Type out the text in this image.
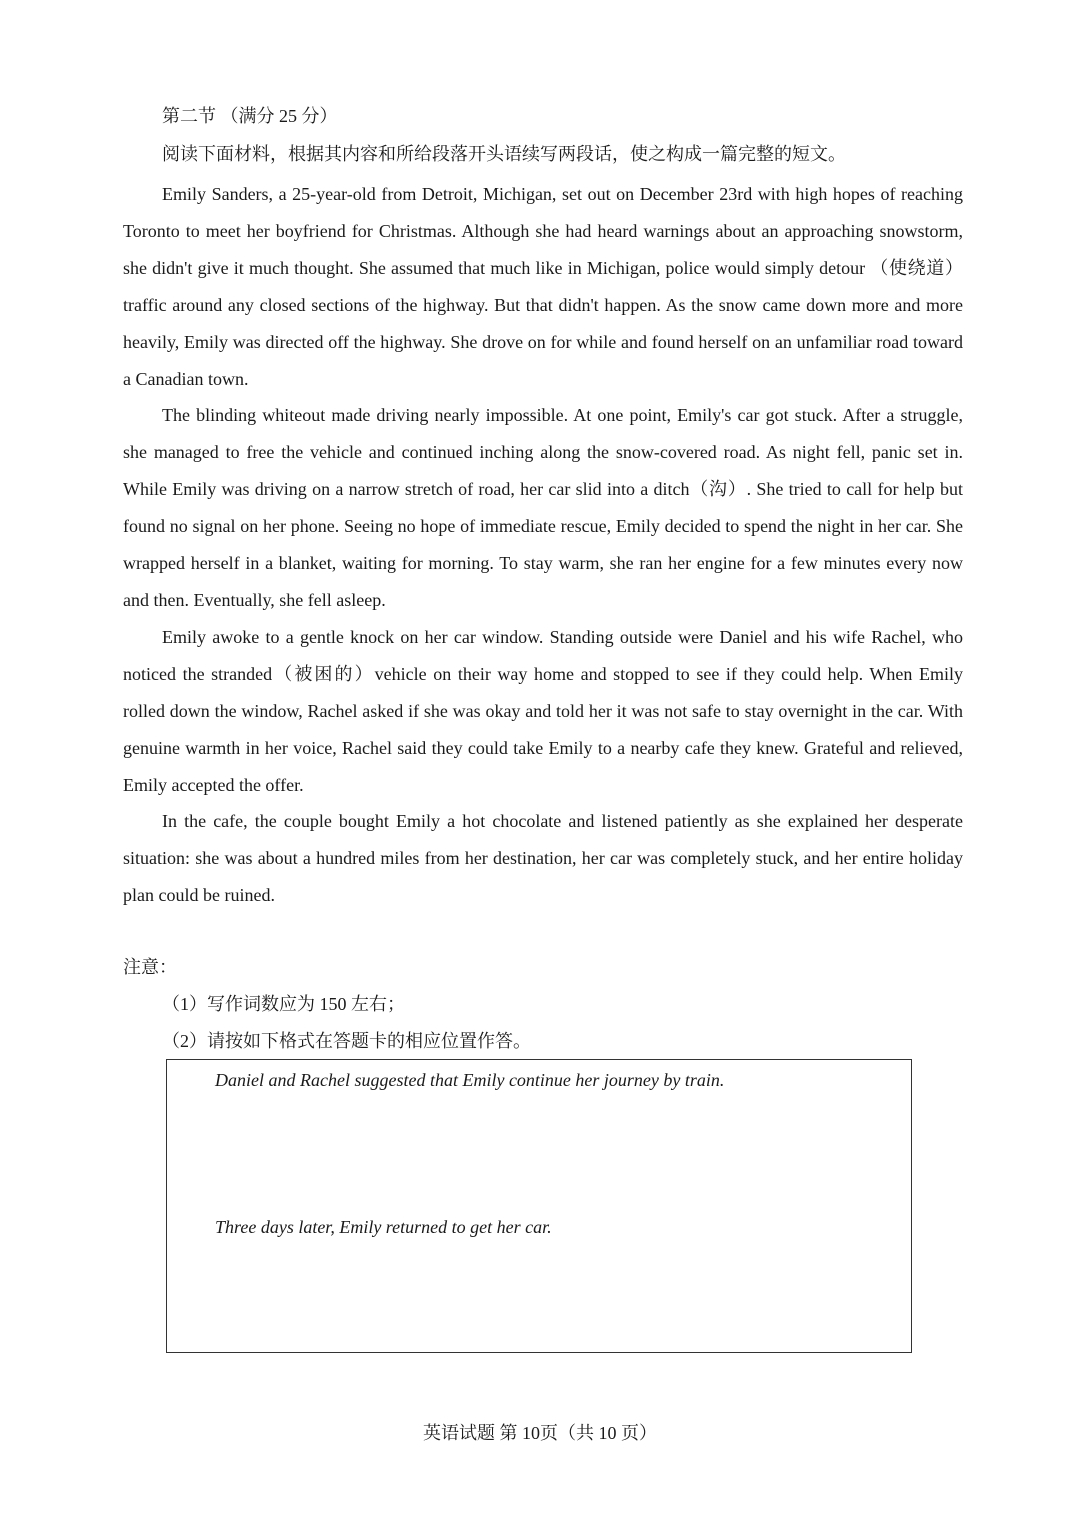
第二节 （满分 25 分）
阅读下面材料，根据其内容和所给段落开头语续写两段话，使之构成一篇完整的短文。

Emily Sanders, a 25-year-old from Detroit, Michigan, set out on December 23rd with high hopes of reaching Toronto to meet her boyfriend for Christmas. Although she had heard warnings about an approaching snowstorm, she didn't give it much thought. She assumed that much like in Michigan, police would simply detour （使绕道） traffic around any closed sections of the highway. But that didn't happen. As the snow came down more and more heavily, Emily was directed off the highway. She drove on for while and found herself on an unfamiliar road toward a Canadian town.

The blinding whiteout made driving nearly impossible. At one point, Emily's car got stuck. After a struggle, she managed to free the vehicle and continued inching along the snow-covered road. As night fell, panic set in. While Emily was driving on a narrow stretch of road, her car slid into a ditch（沟）. She tried to call for help but found no signal on her phone. Seeing no hope of immediate rescue, Emily decided to spend the night in her car. She wrapped herself in a blanket, waiting for morning. To stay warm, she ran her engine for a few minutes every now and then. Eventually, she fell asleep.

Emily awoke to a gentle knock on her car window. Standing outside were Daniel and his wife Rachel, who noticed the stranded（被困的）vehicle on their way home and stopped to see if they could help. When Emily rolled down the window, Rachel asked if she was okay and told her it was not safe to stay overnight in the car. With genuine warmth in her voice, Rachel said they could take Emily to a nearby cafe they knew. Grateful and relieved, Emily accepted the offer.

In the cafe, the couple bought Emily a hot chocolate and listened patiently as she explained her desperate situation: she was about a hundred miles from her destination, her car was completely stuck, and her entire holiday plan could be ruined.

注意：
（1）写作词数应为 150 左右；
（2）请按如下格式在答题卡的相应位置作答。
Daniel and Rachel suggested that Emily continue her journey by train.
Three days later, Emily returned to get her car.
英语试题 第 10页（共 10 页）
